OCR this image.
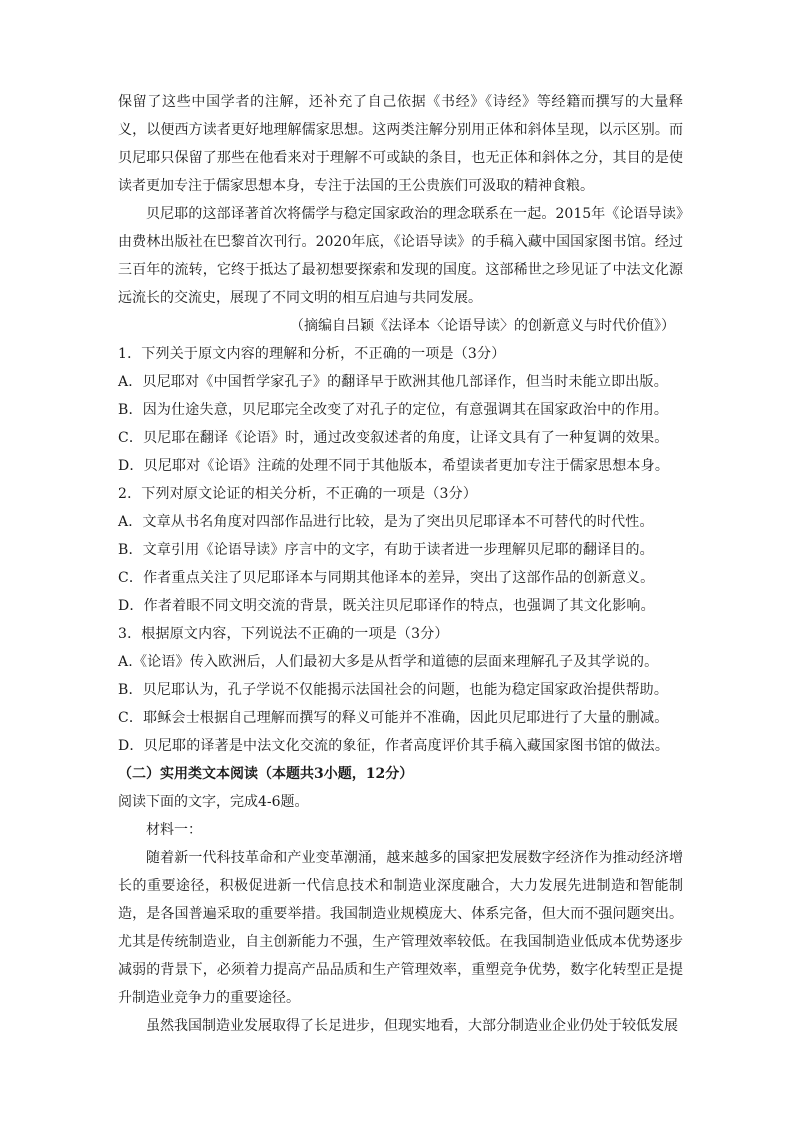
保留了这些中国学者的注解，还补充了自己依据《书经》《诗经》等经籍而撰写的大量释义，以便西方读者更好地理解儒家思想。这两类注解分别用正体和斜体呈现，以示区别。而贝尼耶只保留了那些在他看来对于理解不可或缺的条目，也无正体和斜体之分，其目的是使读者更加专注于儒家思想本身，专注于法国的王公贵族们可汲取的精神食粮。

贝尼耶的这部译著首次将儒学与稳定国家政治的理念联系在一起。2015年《论语导读》由费林出版社在巴黎首次刊行。2020年底，《论语导读》的手稿入藏中国国家图书馆。经过三百年的流转，它终于抵达了最初想要探索和发现的国度。这部稀世之珍见证了中法文化源远流长的交流史，展现了不同文明的相互启迪与共同发展。

（摘编自吕颖《法译本〈论语导读〉的创新意义与时代价值》）

1．下列关于原文内容的理解和分析，不正确的一项是（3分）

A．贝尼耶对《中国哲学家孔子》的翻译早于欧洲其他几部译作，但当时未能立即出版。

B．因为仕途失意，贝尼耶完全改变了对孔子的定位，有意强调其在国家政治中的作用。

C．贝尼耶在翻译《论语》时，通过改变叙述者的角度，让译文具有了一种复调的效果。

D．贝尼耶对《论语》注疏的处理不同于其他版本，希望读者更加专注于儒家思想本身。

2．下列对原文论证的相关分析，不正确的一项是（3分）

A．文章从书名角度对四部作品进行比较，是为了突出贝尼耶译本不可替代的时代性。

B．文章引用《论语导读》序言中的文字，有助于读者进一步理解贝尼耶的翻译目的。

C．作者重点关注了贝尼耶译本与同期其他译本的差异，突出了这部作品的创新意义。

D．作者着眼不同文明交流的背景，既关注贝尼耶译作的特点，也强调了其文化影响。

3．根据原文内容，下列说法不正确的一项是（3分）

A.《论语》传入欧洲后，人们最初大多是从哲学和道德的层面来理解孔子及其学说的。

B．贝尼耶认为，孔子学说不仅能揭示法国社会的问题，也能为稳定国家政治提供帮助。

C．耶稣会士根据自己理解而撰写的释义可能并不准确，因此贝尼耶进行了大量的删减。

D．贝尼耶的译著是中法文化交流的象征，作者高度评价其手稿入藏国家图书馆的做法。

（二）实用类文本阅读（本题共3小题，12分）

阅读下面的文字，完成4-6题。

材料一：

随着新一代科技革命和产业变革潮涌，越来越多的国家把发展数字经济作为推动经济增长的重要途径，积极促进新一代信息技术和制造业深度融合，大力发展先进制造和智能制造，是各国普遍采取的重要举措。我国制造业规模庞大、体系完备，但大而不强问题突出。尤其是传统制造业，自主创新能力不强，生产管理效率较低。在我国制造业低成本优势逐步减弱的背景下，必须着力提高产品品质和生产管理效率，重塑竞争优势，数字化转型正是提升制造业竞争力的重要途径。

虽然我国制造业发展取得了长足进步，但现实地看，大部分制造业企业仍处于较低发展
